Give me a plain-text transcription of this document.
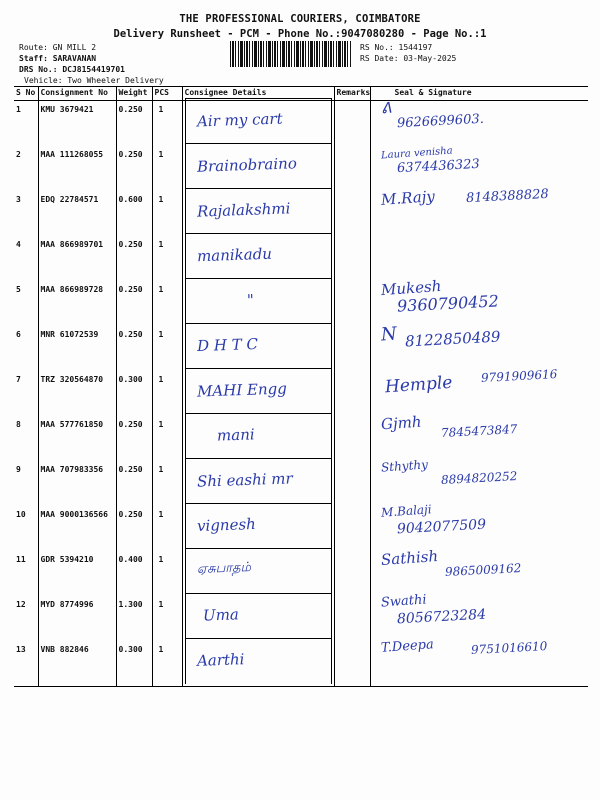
THE PROFESSIONAL COURIERS, COIMBATORE
Delivery Runsheet - PCM - Phone No.:9047080280 - Page No.:1
Route: GN MILL 2
Staff: SARAVANAN
DRS No.: DCJ8154419701
Vehicle: Two Wheeler Delivery
RS No.: 1544197
RS Date: 03-May-2025
S No	Consignment No	Weight	PCS	Consignee Details	Remarks	Seal & Signature
1	KMU 3679421	0.250	1	Air my cart		ᕕ
9626699603.

2	MAA 111268055	0.250	1	Brainobraino		Laura venisha
6374436323

3	EDQ 22784571	0.600	1	Rajalakshmi		M.Rajy 8148388828

4	MAA 866989701	0.250	1	manikadu		

5	MAA 866989728	0.250	1	"		Mukesh
9360790452

6	MNR 61072539	0.250	1	D H T C		N 8122850489

7	TRZ 320564870	0.300	1	MAHI Engg		Hemple 9791909616

8	MAA 577761850	0.250	1	mani		Gjmh 7845473847

9	MAA 707983356	0.250	1	Shi eashi mr		Sthythy
8894820252

10	MAA 9000136566	0.250	1	vignesh		M.Balaji
9042077509

11	GDR 5394210	0.400	1	ஏசுபாதம்		Sathish
9865009162

12	MYD 8774996	1.300	1	Uma		Swathi
8056723284

13	VNB 882846	0.300	1	Aarthi		T.Deepa 9751016610
